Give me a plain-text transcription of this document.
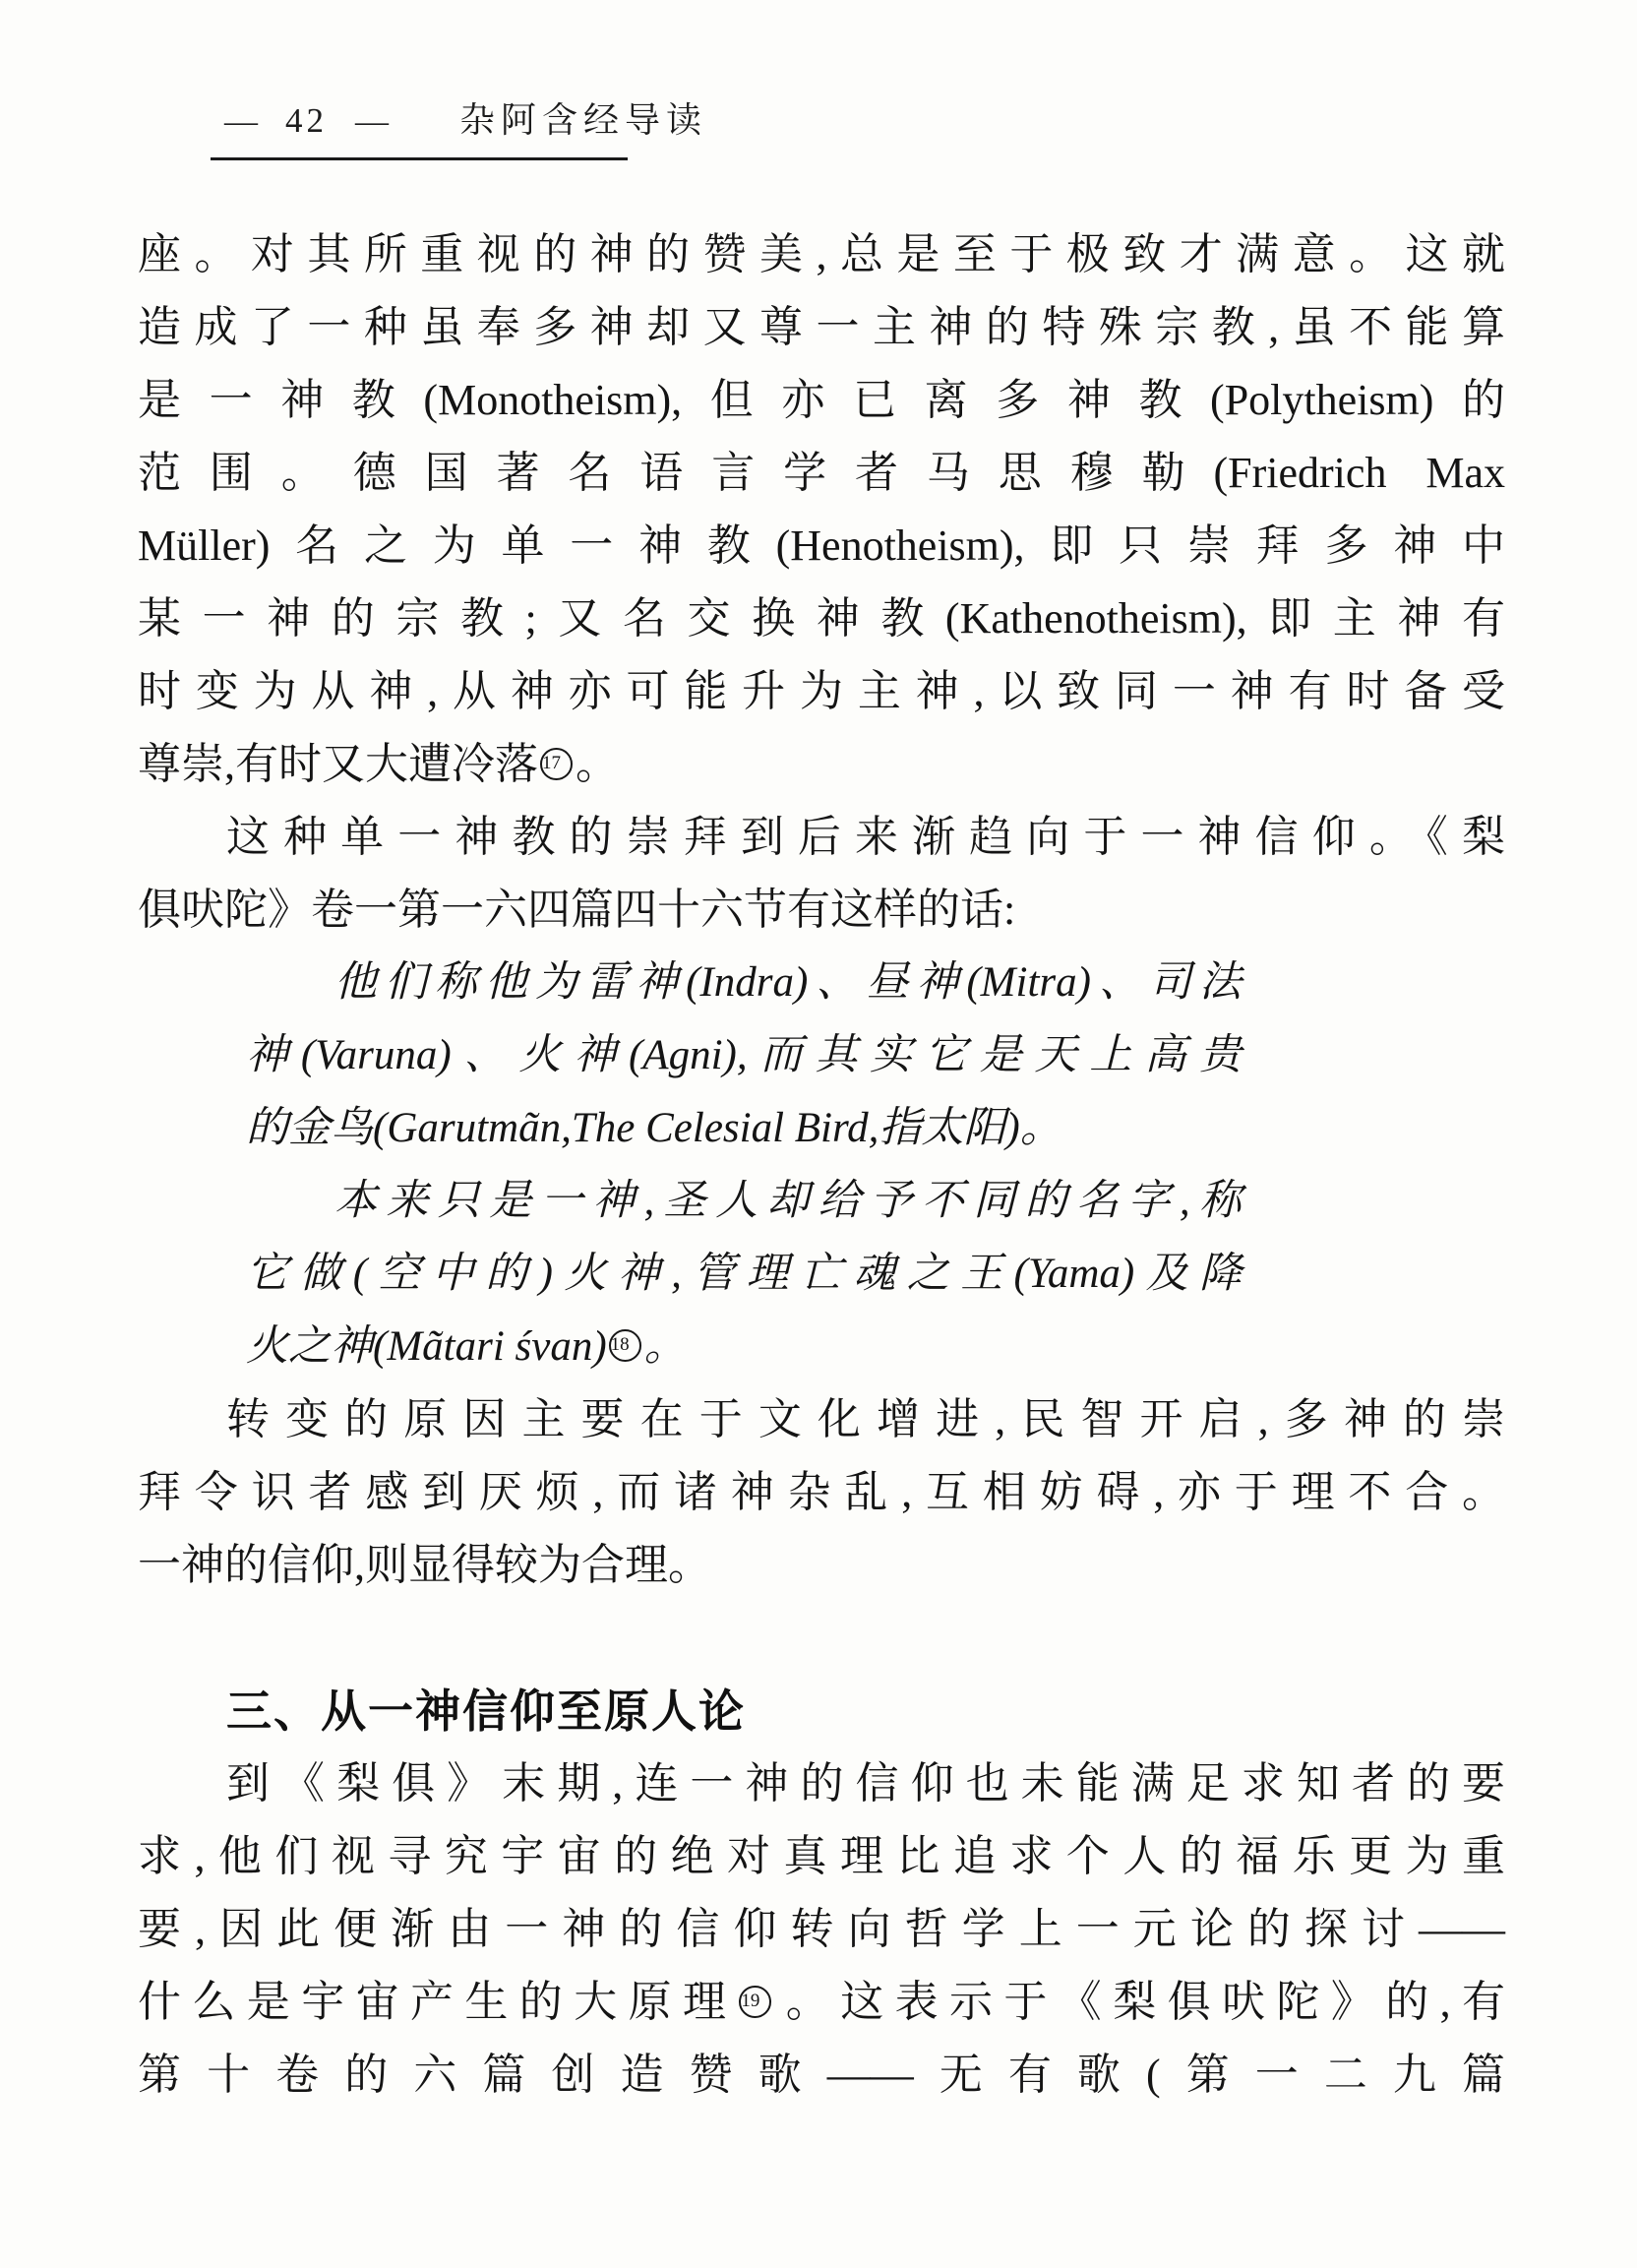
— 42 — 杂阿含经导读
座。对其所重视的神的赞美,总是至于极致才满意。这就
造成了一种虽奉多神却又尊一主神的特殊宗教,虽不能算
是一神教(Monotheism),但亦已离多神教(Polytheism)的
范围。德国著名语言学者马思穆勒(Friedrich Max
Müller)名之为单一神教(Henotheism),即只崇拜多神中
某一神的宗教;又名交换神教(Kathenotheism),即主神有
时变为从神,从神亦可能升为主神,以致同一神有时备受
尊崇,有时又大遭冷落 17 。
这种单一神教的崇拜到后来渐趋向于一神信仰。《梨
俱吠陀》卷一第一六四篇四十六节有这样的话:
他们称他为雷神(Indra)、昼神(Mitra)、司法
神(Varuna)、火神(Agni),而其实它是天上高贵
的金鸟(Garutmãn,The Celesial Bird,指太阳)。
本来只是一神,圣人却给予不同的名字,称
它做(空中的)火神,管理亡魂之王(Yama)及降
火之神(Mãtari śvan) 18 。
转变的原因主要在于文化增进,民智开启,多神的崇
拜令识者感到厌烦,而诸神杂乱,互相妨碍,亦于理不合。
一神的信仰,则显得较为合理。
三、从一神信仰至原人论
到《梨俱》末期,连一神的信仰也未能满足求知者的要
求,他们视寻究宇宙的绝对真理比追求个人的福乐更为重
要,因此便渐由一神的信仰转向哲学上一元论的探讨——
什么是宇宙产生的大原理 19 。这表示于《梨俱吠陀》的,有
第十卷的六篇创造赞歌——无有歌(第一二九篇
